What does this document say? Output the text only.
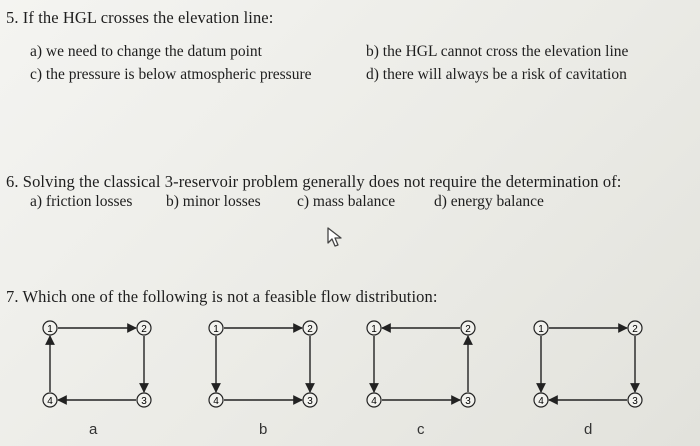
5. If the HGL crosses the elevation line:
a) we need to change the datum point	b) the HGL cannot cross the elevation line
c) the pressure is below atmospheric pressure	d) there will always be a risk of cavitation
6. Solving the classical 3-reservoir problem generally does not require the determination of:
a) friction losses b) minor losses c) mass balance	d) energy balance
7. Which one of the following is not a feasible flow distribution:
1	2
3
4
a
1	2
3
4
b
1	2
3
4
c
1	2
3
4
d
